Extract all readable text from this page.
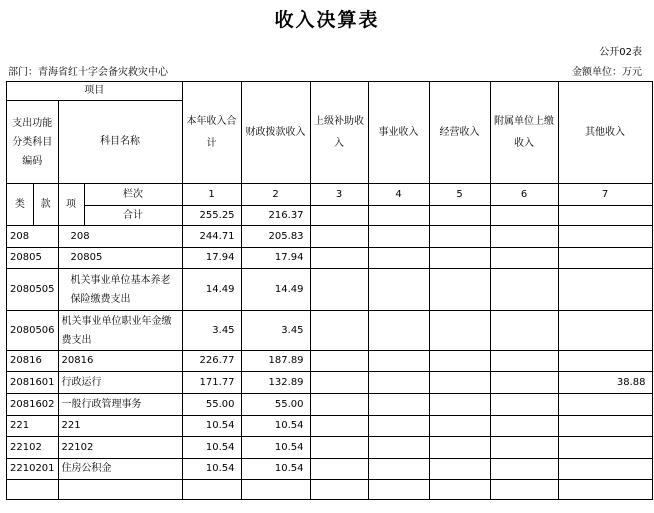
收入决算表
公开02表
部门：青海省红十字会备灾救灾中心	金额单位：万元
项目				本年收入合计	财政拨款收入	上级补助收入	事业收入	经营收入	附属单位上缴收入	其他收入
支出功能分类科目编码		科目名称								

类	款	项	栏次	1	2	3	4	5	6	7
			合计	255.25	216.37					
208		208		244.71	205.83					
20805		20805		17.94	17.94					
2080505		机关事业单位基本养老保险缴费支出		14.49	14.49					
2080506		机关事业单位职业年金缴费支出		3.45	3.45					
20816		20816		226.77	187.89					
2081601		行政运行		171.77	132.89					38.88
2081602		一般行政管理事务		55.00	55.00					
221		221		10.54	10.54					
22102		22102		10.54	10.54					
2210201		住房公积金		10.54	10.54					
